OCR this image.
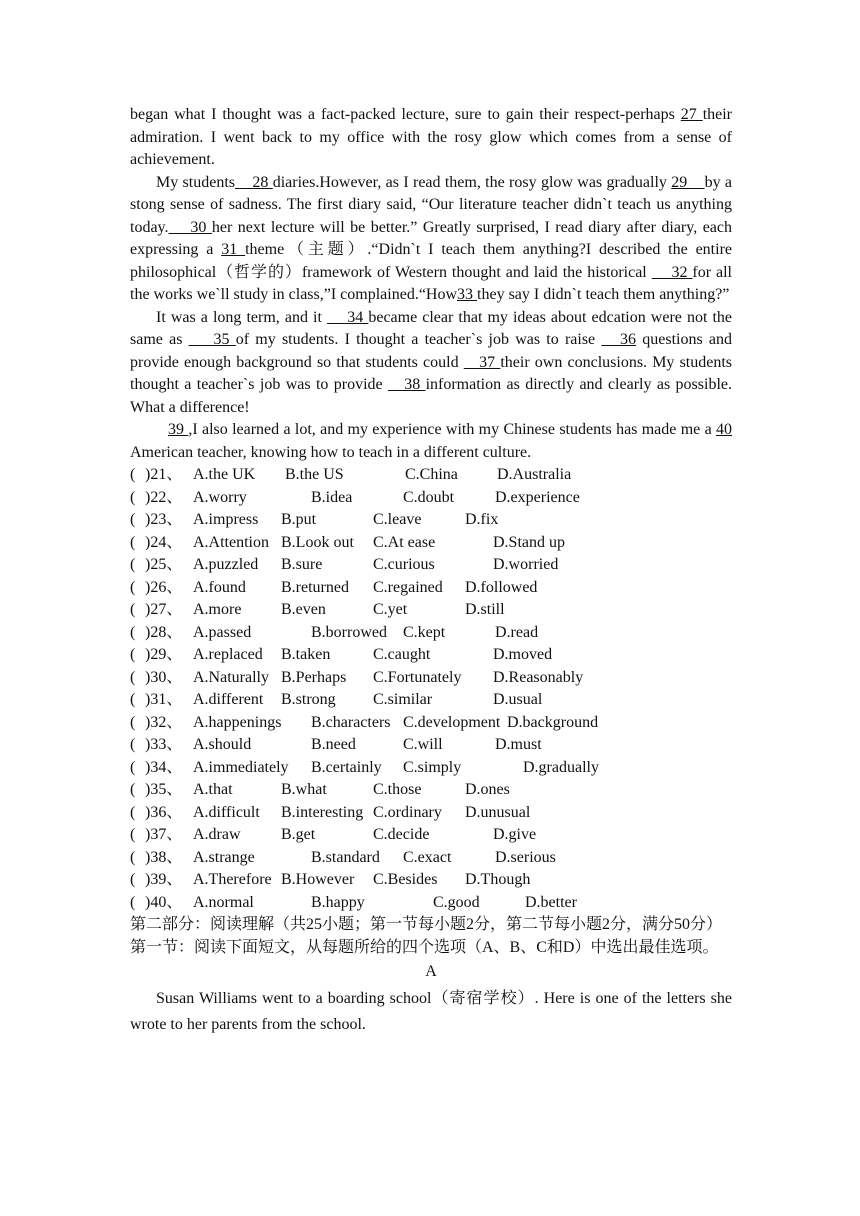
began what I thought was a fact-packed lecture, sure to gain their respect-perhaps 27 their admiration. I went back to my office with the rosy glow which comes from a sense of achievement.

My students    28 diaries.However, as I read them, the rosy glow was gradually 29    by a stong sense of sadness. The first diary said, “Our literature teacher didn`t teach us anything today.    30 her next lecture will be better.” Greatly surprised, I read diary after diary, each expressing a 31 theme（主题）.“Didn`t I teach them anything?I described the entire philosophical（哲学的）framework of Western thought and laid the historical     32 for all the works we`ll study in class,”I complained.“How33 they say I didn`t teach them anything?”

It was a long term, and it     34 became clear that my ideas about edcation were not the same as     35 of my students. I thought a teacher`s job was to raise    36 questions and provide enough background so that students could    37 their own conclusions. My students thought a teacher`s job was to provide    38 information as directly and clearly as possible. What a difference!

39 ,I also learned a lot, and my experience with my Chinese students has made me a 40 American teacher, knowing how to teach in a different culture.

( )21、 A.the UK	B.the US	C.China	D.Australia
( )22、 A.worry	B.idea	C.doubt	D.experience
( )23、 A.impress	B.put	C.leave	D.fix
( )24、 A.Attention B.Look out	C.At ease	D.Stand up
( )25、 A.puzzled	B.sure	C.curious	D.worried
( )26、 A.found	B.returned	C.regained	D.followed
( )27、 A.more	B.even	C.yet	D.still
( )28、 A.passed	B.borrowed	C.kept	D.read
( )29、 A.replaced	B.taken	C.caught	D.moved
( )30、 A.Naturally B.Perhaps	C.Fortunately	D.Reasonably
( )31、 A.different	B.strong	C.similar	D.usual
( )32、 A.happenings	B.characters C.development D.background
( )33、 A.should	B.need	C.will	D.must
( )34、 A.immediately	B.certainly	C.simply	D.gradually
( )35、 A.that	B.what	C.those	D.ones
( )36、 A.difficult	B.interesting C.ordinary	D.unusual
( )37、 A.draw	B.get	C.decide	D.give
( )38、 A.strange	B.standard	C.exact	D.serious
( )39、 A.Therefore B.However	C.Besides	D.Though
( )40、 A.normal	B.happy	C.good	D.better

第二部分：阅读理解（共25小题；第一节每小题2分，第二节每小题2分，满分50分）

第一节：阅读下面短文，从每题所给的四个选项（A、B、C和D）中选出最佳选项。

A

Susan Williams went to a boarding school（寄宿学校）. Here is one of the letters she wrote to her parents from the school.
